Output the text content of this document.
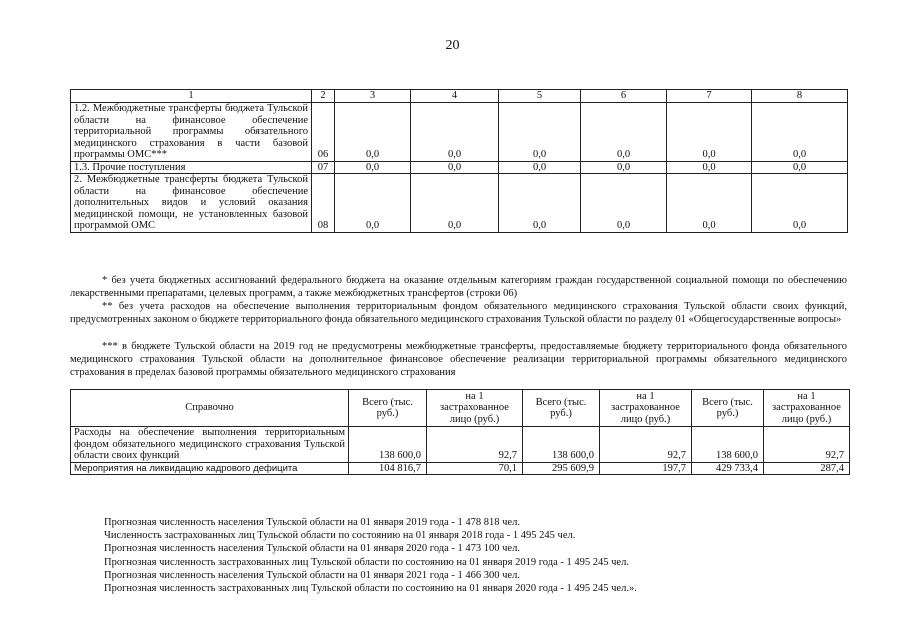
20
1	2	3	4	5	6	7	8
1.2. Межбюджетные трансферты бюджета Тульской области на финансовое обеспечение территориальной программы обязательного медицинского страхования в части базовой программы ОМС***	06	0,0	0,0	0,0	0,0	0,0	0,0
1.3. Прочие поступления	07	0,0	0,0	0,0	0,0	0,0	0,0
2. Межбюджетные трансферты бюджета Тульской области на финансовое обеспечение дополнительных видов и условий оказания медицинской помощи, не установленных базовой программой ОМС	08	0,0	0,0	0,0	0,0	0,0	0,0
* без учета бюджетных ассигнований федерального бюджета на оказание отдельным категориям граждан государственной социальной помощи по обеспечению лекарственными препаратами, целевых программ, а также межбюджетных трансфертов (строки 06)
** без учета расходов на обеспечение выполнения территориальным фондом обязательного медицинского страхования Тульской области своих функций, предусмотренных законом о бюджете территориального фонда обязательного медицинского страхования Тульской области по разделу 01 «Общегосударственные вопросы»
*** в бюджете Тульской области на 2019 год не предусмотрены межбюджетные трансферты, предоставляемые бюджету территориального фонда обязательного медицинского страхования Тульской области на дополнительное финансовое обеспечение реализации территориальной программы обязательного медицинского страхования в пределах базовой программы обязательного медицинского страхования
Справочно	Всего (тыс. руб.)	на 1 застрахованное лицо (руб.)	Всего (тыс. руб.)	на 1 застрахованное лицо (руб.)	Всего (тыс. руб.)	на 1 застрахованное лицо (руб.)
Расходы на обеспечение выполнения территориальным фондом обязательного медицинского страхования Тульской области своих функций	138 600,0	92,7	138 600,0	92,7	138 600,0	92,7
Мероприятия на ликвидацию кадрового дефицита	104 816,7	70,1	295 609,9	197,7	429 733,4	287,4
Прогнозная численность населения Тульской области на 01 января 2019 года - 1 478 818 чел.
Численность застрахованных лиц Тульской области по состоянию на 01 января 2018 года - 1 495 245 чел.
Прогнозная численность населения Тульской области на 01 января 2020 года - 1 473 100 чел.
Прогнозная численность застрахованных лиц Тульской области по состоянию на 01 января 2019 года - 1 495 245 чел.
Прогнозная численность населения Тульской области на 01 января 2021 года - 1 466 300 чел.
Прогнозная численность застрахованных лиц Тульской области по состоянию на 01 января 2020 года - 1 495 245 чел.».
